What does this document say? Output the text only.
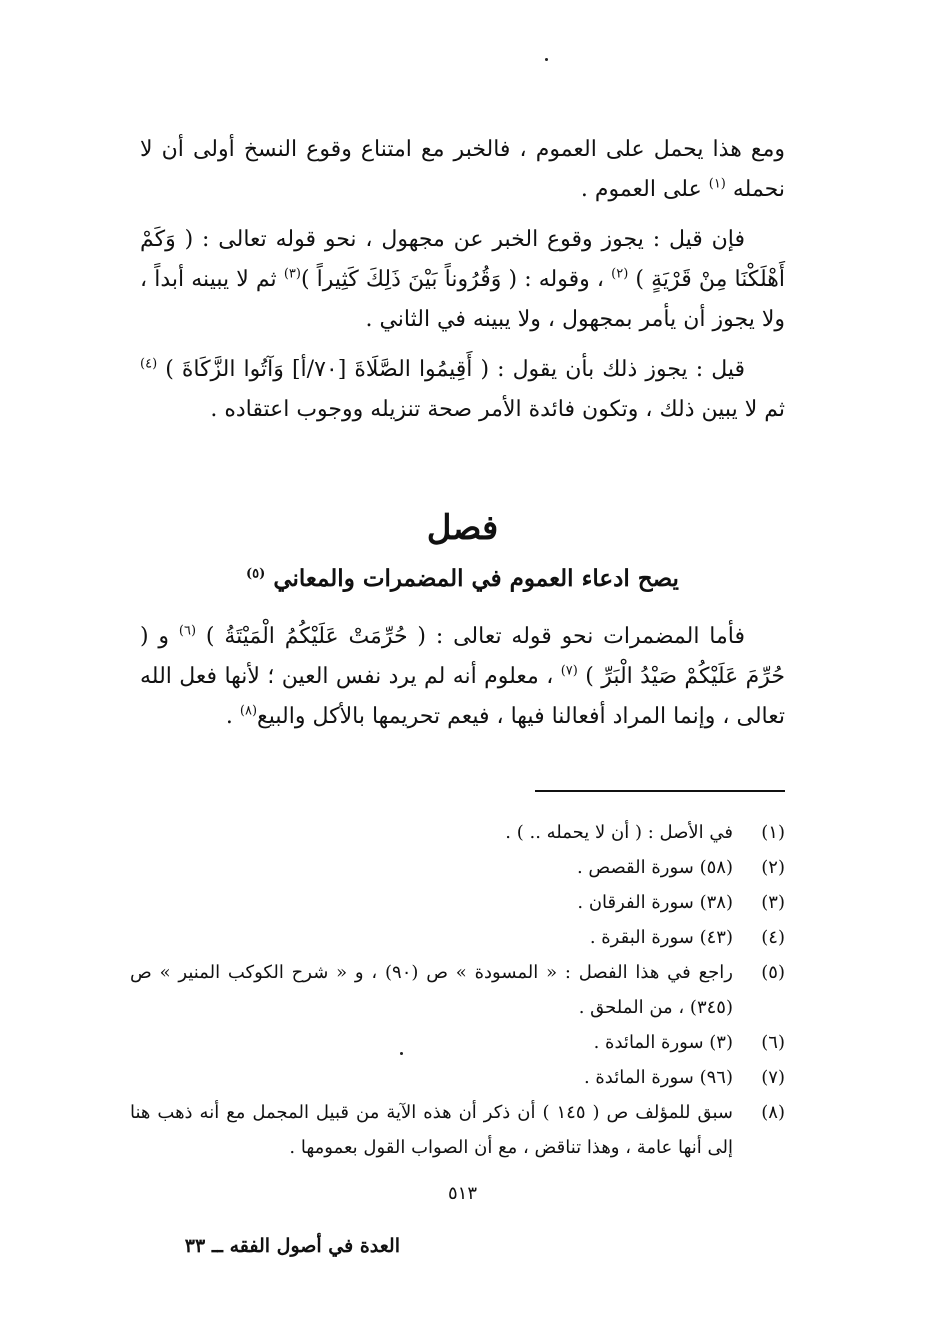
ومع هذا يحمل على العموم ، فالخبر مع امتناع وقوع النسخ أولى أن لا نحمله $^{(١)}$ على العموم .

فإن قيل : يجوز وقوع الخبر عن مجهول ، نحو قوله تعالى : ( وَكَمْ أَهْلَكْنَا مِنْ قَرْيَةٍ ) $^{(٢)}$ ، وقوله : ( وَقُرُوناً بَيْنَ ذَلِكَ كَثِيراً )$^{(٣)}$ ثم لا يبينه أبداً ، ولا يجوز أن يأمر بمجهول ، ولا يبينه في الثاني .

قيل : يجوز ذلك بأن يقول : ( أَقِيمُوا الصَّلَاةَ [٧٠/أ] وَآتُوا الزَّكَاةَ ) $^{(٤)}$ ثم لا يبين ذلك ، وتكون فائدة الأمر صحة تنزيله ووجوب اعتقاده .

فصل
يصح ادعاء العموم في المضمرات والمعاني $^{(٥)}$

فأما المضمرات نحو قوله تعالى : ( حُرِّمَتْ عَلَيْكُمُ الْمَيْتَةُ ) $^{(٦)}$ و ( حُرِّمَ عَلَيْكُمْ صَيْدُ الْبَرِّ ) $^{(٧)}$ ، معلوم أنه لم يرد نفس العين ؛ لأنها فعل الله تعالى ، وإنما المراد أفعالنا فيها ، فيعم تحريمها بالأكل والبيع$^{(٨)}$ .

(١)
في الأصل : ( أن لا يحمله .. ) .
(٢)
(٥٨) سورة القصص .
(٣)
(٣٨) سورة الفرقان .
(٤)
(٤٣) سورة البقرة .
(٥)
راجع في هذا الفصل : « المسودة » ص (٩٠) ، و « شرح الكوكب المنير » ص (٣٤٥) ، من الملحق .
(٦)
(٣) سورة المائدة .
(٧)
(٩٦) سورة المائدة .
(٨)
سبق للمؤلف ص ( ١٤٥ ) أن ذكر أن هذه الآية من قبيل المجمل مع أنه ذهب هنا إلى أنها عامة ، وهذا تناقض ، مع أن الصواب القول بعمومها .
٥١٣
العدة في أصول الفقه ــ ٣٣
